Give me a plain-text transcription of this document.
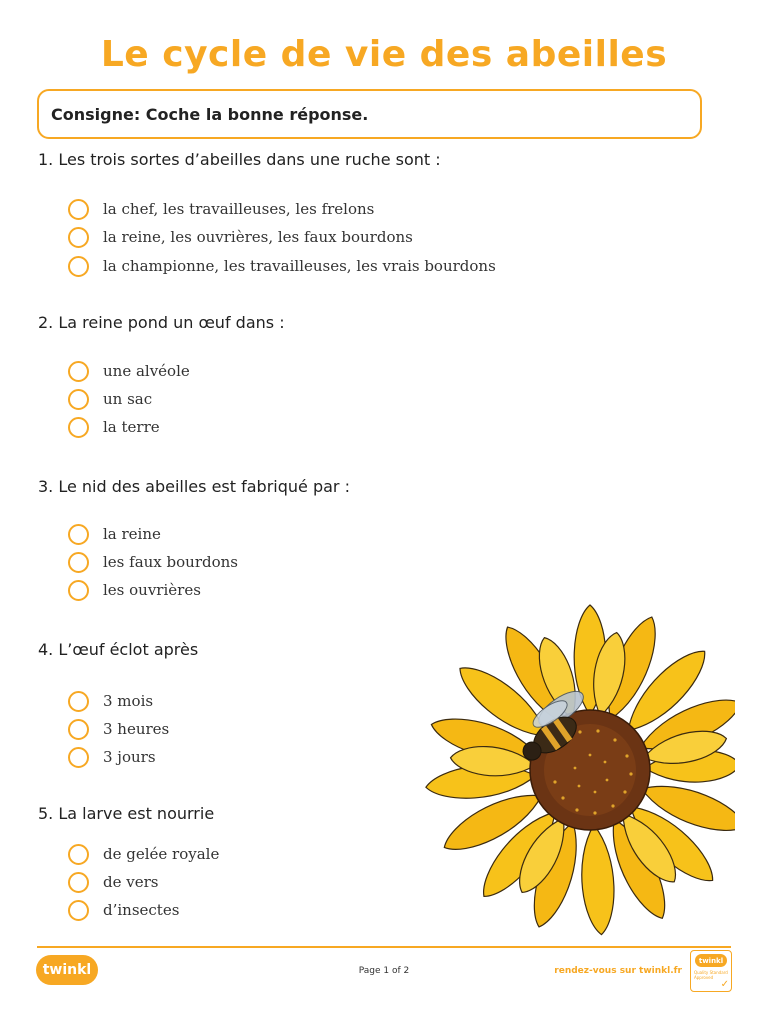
Le cycle de vie des abeilles
Consigne: Coche la bonne réponse.
1. Les trois sortes d’abeilles dans une ruche sont :
la chef, les travailleuses, les frelons
la reine, les ouvrières, les faux bourdons
la championne, les travailleuses, les vrais bourdons
2. La reine pond un œuf dans :
une alvéole
un sac
la terre
3. Le nid des abeilles est fabriqué par :
la reine
les faux bourdons
les ouvrières
4. L’œuf éclot après
3 mois
3 heures
3 jours
5. La larve est nourrie
de gelée royale
de vers
d’insectes
twinkl	Page 1 of 2	rendez-vous sur twinkl.fr
twinkl
Quality Standard Approved
✓
